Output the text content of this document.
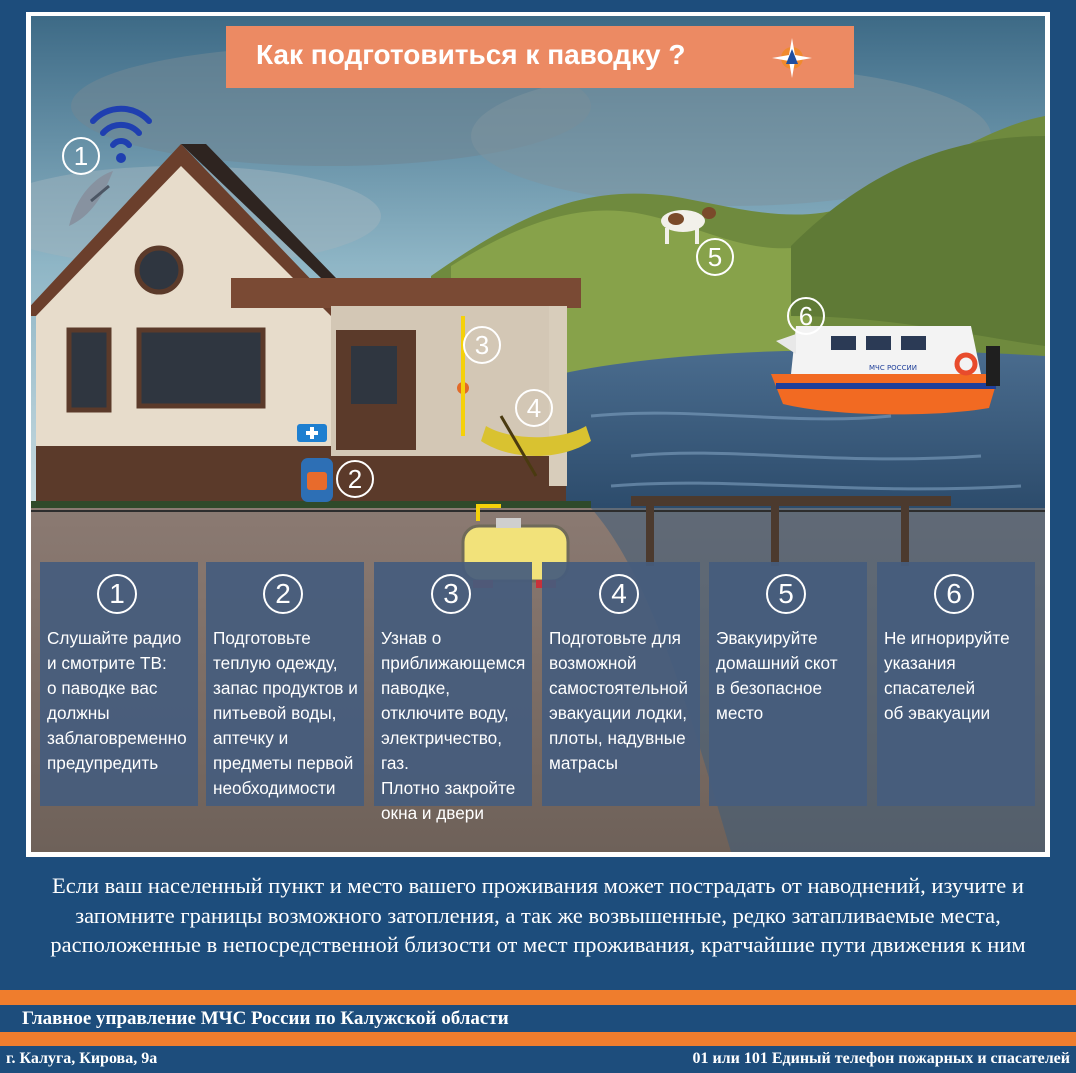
МЧС РОССИИ
Как подготовиться к паводку ?
1
2
3
4
5
6
1
Слушайте радио
и смотрите ТВ:
о паводке вас
должны
заблаговременно
предупредить
2
Подготовьте
теплую одежду,
запас продуктов и
питьевой воды,
аптечку и
предметы первой
необходимости
3
Узнав о
приближающемся
паводке,
отключите воду,
электричество, газ.
Плотно закройте
окна и двери
4
Подготовьте для
возможной
самостоятельной
эвакуации лодки,
плоты, надувные
матрасы
5
Эвакуируйте
домашний скот
в безопасное
место
6
Не игнорируйте
указания
спасателей
об эвакуации
Если ваш населенный пункт и место вашего проживания может пострадать от наводнений, изучите и запомните границы возможного затопления, а так же возвышенные, редко затапливаемые места, расположенные в непосредственной близости от мест проживания, кратчайшие пути движения к ним
Главное управление МЧС России по Калужской области
г. Калуга, Кирова, 9а	01 или 101 Единый телефон пожарных и спасателей
